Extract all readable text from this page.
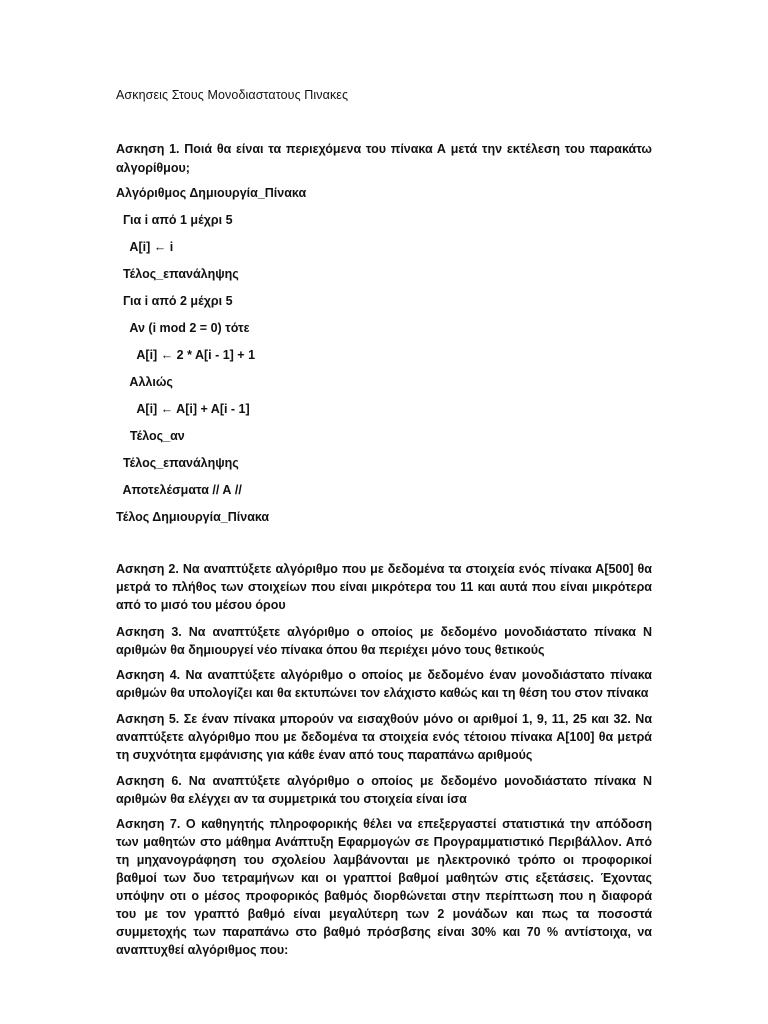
Ασκησεις Στους Μονοδιαστατους Πινακες
Ασκηση 1. Ποιά θα είναι τα περιεχόμενα του πίνακα Α μετά την εκτέλεση του παρακάτω αλγορίθμου;
Αλγόριθμος Δημιουργία_Πίνακα
Για i από 1 μέχρι 5
A[i] ← i
Τέλος_επανάληψης
Για i από 2 μέχρι 5
Αν (i mod 2 = 0) τότε
A[i] ← 2 * A[i - 1] + 1
Αλλιώς
A[i] ← A[i] + A[i - 1]
Τέλος_αν
Τέλος_επανάληψης
Αποτελέσματα // Α //
Τέλος Δημιουργία_Πίνακα
Ασκηση 2. Να αναπτύξετε αλγόριθμο που με δεδομένα τα στοιχεία ενός πίνακα Α[500] θα μετρά το πλήθος των στοιχείων που είναι μικρότερα του 11 και αυτά που είναι μικρότερα από το μισό του μέσου όρου
Ασκηση 3. Να αναπτύξετε αλγόριθμο ο οποίος με δεδομένο μονοδιάστατο πίνακα Ν αριθμών θα δημιουργεί νέο πίνακα όπου θα περιέχει μόνο τους θετικούς
Ασκηση 4. Να αναπτύξετε αλγόριθμο ο οποίος με δεδομένο έναν μονοδιάστατο πίνακα αριθμών θα υπολογίζει και θα εκτυπώνει τον ελάχιστο καθώς και τη θέση του στον πίνακα
Ασκηση 5. Σε έναν πίνακα μπορούν να εισαχθούν μόνο οι αριθμοί 1, 9, 11, 25 και 32. Να αναπτύξετε αλγόριθμο που με δεδομένα τα στοιχεία ενός τέτοιου πίνακα Α[100] θα μετρά τη συχνότητα εμφάνισης για κάθε έναν από τους παραπάνω αριθμούς
Ασκηση 6. Να αναπτύξετε αλγόριθμο ο οποίος με δεδομένο μονοδιάστατο πίνακα Ν αριθμών θα ελέγχει αν τα συμμετρικά του στοιχεία είναι ίσα
Ασκηση 7. Ο καθηγητής πληροφορικής θέλει να επεξεργαστεί στατιστικά την απόδοση των μαθητών στο μάθημα Ανάπτυξη Εφαρμογών σε Προγραμματιστικό Περιβάλλον. Από τη μηχανογράφηση του σχολείου λαμβάνονται με ηλεκτρονικό τρόπο οι προφορικοί βαθμοί των δυο τετραμήνων και οι γραπτοί βαθμοί μαθητών στις εξετάσεις. Έχοντας υπόψην οτι ο μέσος προφορικός βαθμός διορθώνεται στην περίπτωση που η διαφορά του με τον γραπτό βαθμό είναι μεγαλύτερη των 2 μονάδων και πως τα ποσοστά συμμετοχής των παραπάνω στο βαθμό πρόσβσης είναι 30% και 70 % αντίστοιχα, να αναπτυχθεί αλγόριθμος που:
